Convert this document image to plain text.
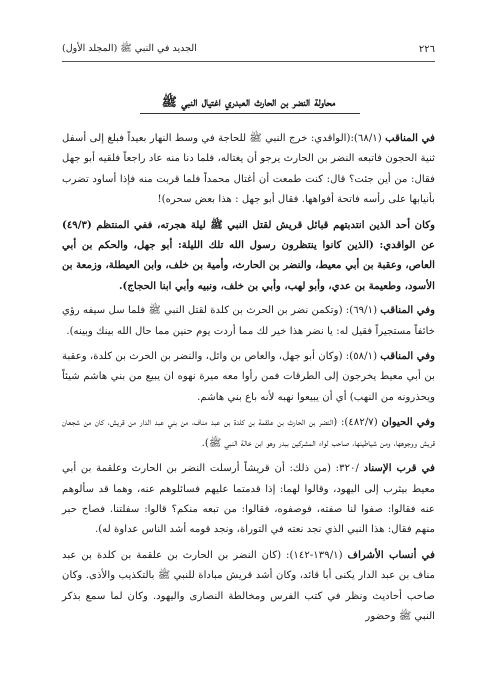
٢٢٦
الجديد في النبي ﷺ (المجلد الأول)
محاولة النضر بن الحارث العبدري اغتيال النبي ﷺ

في المناقب (٦٨/١):(الواقدي: خرج النبي ﷺ للحاجة في وسط النهار بعيداً فبلغ إلى أسفل ثنية الحجون فاتبعه النضر بن الحارث يرجو أن يغتاله، فلما دنا منه عاد راجعاً فلقيه أبو جهل فقال: من أين جئت؟ قال: كنت طمعت أن أغتال محمداً فلما قربت منه فإذا أساود تضرب بأنيابها على رأسه فاتحة أفواهها. فقال أبو جهل : هذا بعض سحره)!

وكان أحد الذين انتدبتهم قبائل قريش لقتل النبي ﷺ ليلة هجرته، ففي المنتظم (٤٩/٣) عن الواقدي: (الذين كانوا ينتظرون رسول الله تلك الليلة: أبو جهل، والحكم بن أبي العاص، وعقبة بن أبي معيط، والنضر بن الحارث، وأمية بن خلف، وابن العيطلة، وزمعة بن الأسود، وطعيمة بن عدي، وأبو لهب، وأبي بن خلف، ونبيه وأبي ابنا الحجاج).

وفي المناقب (٦٩/١): (وتكمن نضر بن الحرث بن كلدة لقتل النبي ﷺ فلما سل سيفه رؤي خائفاً مستجيراً فقيل له: يا نضر هذا خير لك مما أردت يوم حنين مما حال الله بينك وبينه).

وفي المناقب (٥٨/١): (وكان أبو جهل، والعاص بن وائل، والنضر بن الحرث بن كلدة، وعقبة بن أبي معيط يخرجون إلى الطرقات فمن رأوا معه ميرة نهوه ان يبيع من بني هاشم شيئاً ويحذرونه من النهب) أي أن يبيعوا نهبه لأنه باع بني هاشم.

وفي الحيوان (٤٨٢/٧): (النضر بن الحارث بن علقمة بن كلدة بن عبد مناف، من بني عبد الدار من قريش، كان من شجعان قريش ووجوهها، ومن شياطينها، صاحب لواء المشركين ببدر وهو ابن خالة النبي ﷺ).

في قرب الإسناد /٣٢٠: (من ذلك: أن قريشاً أرسلت النضر بن الحارث وعلقمة بن أبي معيط بيثرب إلى اليهود، وقالوا لهما: إذا قدمتما عليهم فسائلوهم عنه، وهما قد سألوهم عنه فقالوا: صفوا لنا صفته، فوصفوه، فقالوا: من تبعه منكم؟ قالوا: سفلتنا. فصاح حبر منهم فقال: هذا النبي الذي نجد نعته في التوراة، ونجد قومه أشد الناس عداوة له).

في أنساب الأشراف (١٣٩/١-١٤٢): (كان النضر بن الحارث بن علقمة بن كلدة بن عبد مناف بن عبد الدار يكنى أبا قائد، وكان أشد قريش مباداة للنبي ﷺ بالتكذيب والأذى. وكان صاحب أحاديث ونظر في كتب الفرس ومخالطة النصارى واليهود. وكان لما سمع بذكر النبي ﷺ وحضور
